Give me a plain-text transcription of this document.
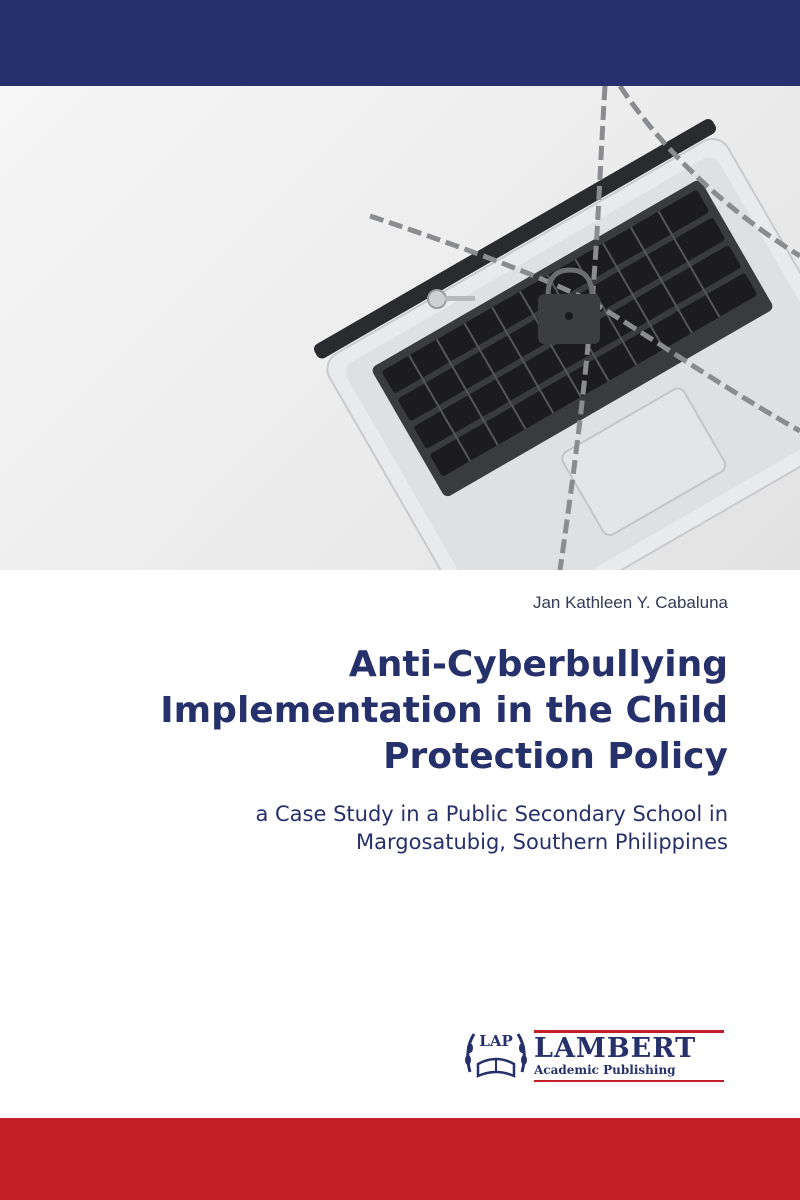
Jan Kathleen Y. Cabaluna
Anti-Cyberbullying
Implementation in the Child
Protection Policy
a Case Study in a Public Secondary School in
Margosatubig, Southern Philippines
LAP LAMBERT
Academic Publishing
